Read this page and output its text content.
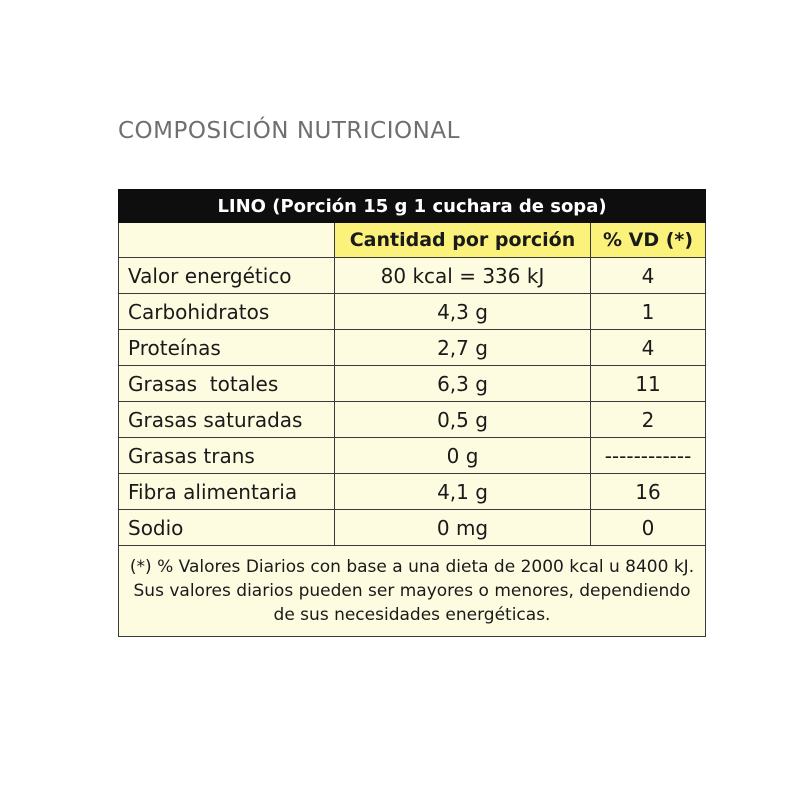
COMPOSICIÓN NUTRICIONAL
LINO (Porción 15 g 1 cuchara de sopa)		
	Cantidad por porción	% VD (*)
Valor energético	80 kcal = 336 kJ	4
Carbohidratos	4,3 g	1
Proteínas	2,7 g	4
Grasas  totales	6,3 g	11
Grasas saturadas	0,5 g	2
Grasas trans	0 g	------------
Fibra alimentaria	4,1 g	16
Sodio	0 mg	0
(*) % Valores Diarios con base a una dieta de 2000 kcal u 8400 kJ. Sus valores diarios pueden ser mayores o menores, dependiendo de sus necesidades energéticas.		
